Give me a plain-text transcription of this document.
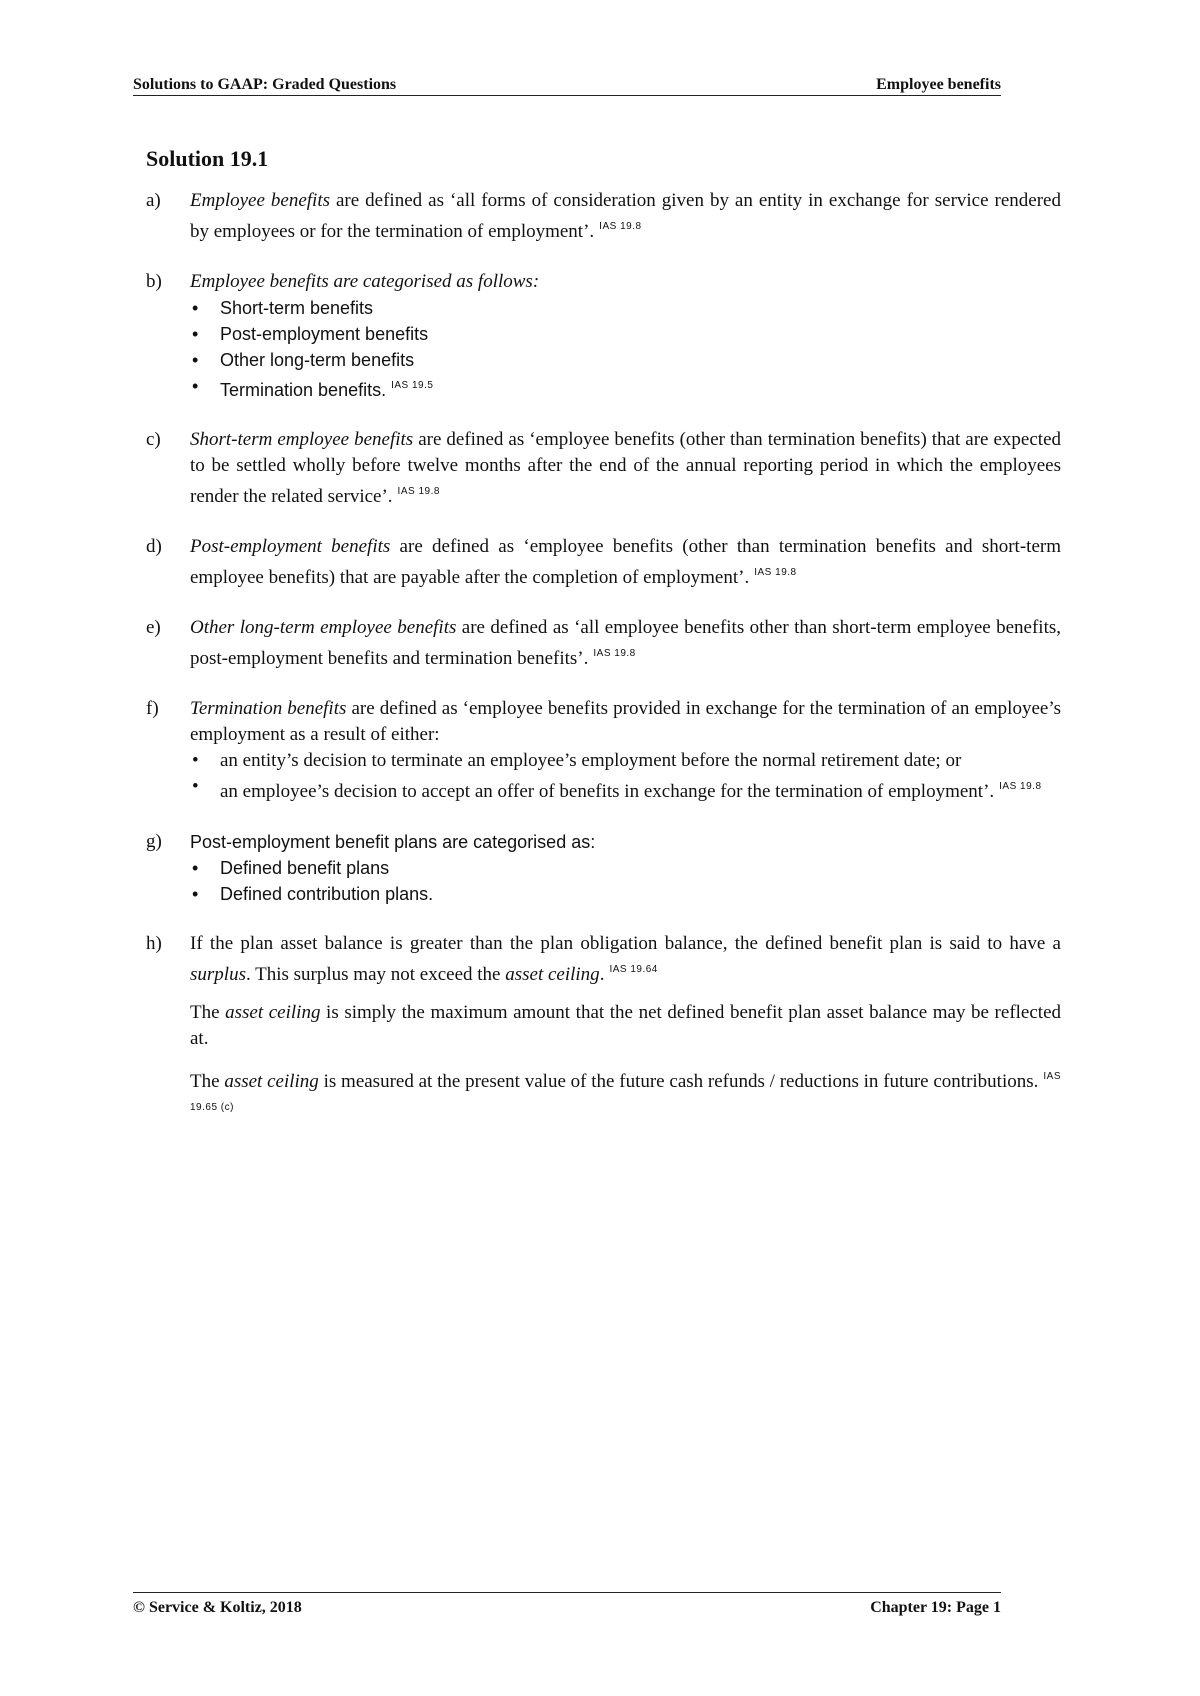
Solutions to GAAP: Graded Questions	Employee benefits
Solution 19.1
a)	Employee benefits are defined as ‘all forms of consideration given by an entity in exchange for service rendered by employees or for the termination of employment’. $^{IAS 19.8}$
b)	Employee benefits are categorised as follows:

• Short-term benefits
• Post-employment benefits
• Other long-term benefits
• Termination benefits. $^{IAS 19.5}$
c)	Short-term employee benefits are defined as ‘employee benefits (other than termination benefits) that are expected to be settled wholly before twelve months after the end of the annual reporting period in which the employees render the related service’. $^{IAS 19.8}$
d)	Post-employment benefits are defined as ‘employee benefits (other than termination benefits and short-term employee benefits) that are payable after the completion of employment’. $^{IAS 19.8}$
e)	Other long-term employee benefits are defined as ‘all employee benefits other than short-term employee benefits, post-employment benefits and termination benefits’. $^{IAS 19.8}$
f)	Termination benefits are defined as ‘employee benefits provided in exchange for the termination of an employee’s employment as a result of either:

• an entity’s decision to terminate an employee’s employment before the normal retirement date; or
• an employee’s decision to accept an offer of benefits in exchange for the termination of employment’. $^{IAS 19.8}$
g)	Post-employment benefit plans are categorised as:

• Defined benefit plans
• Defined contribution plans.
h)	If the plan asset balance is greater than the plan obligation balance, the defined benefit plan is said to have a surplus. This surplus may not exceed the asset ceiling. $^{IAS 19.64}$

The asset ceiling is simply the maximum amount that the net defined benefit plan asset balance may be reflected at.

The asset ceiling is measured at the present value of the future cash refunds / reductions in future contributions. $^{IAS 19.65 (c)}$

© Service & Koltiz, 2018	Chapter 19: Page 1
